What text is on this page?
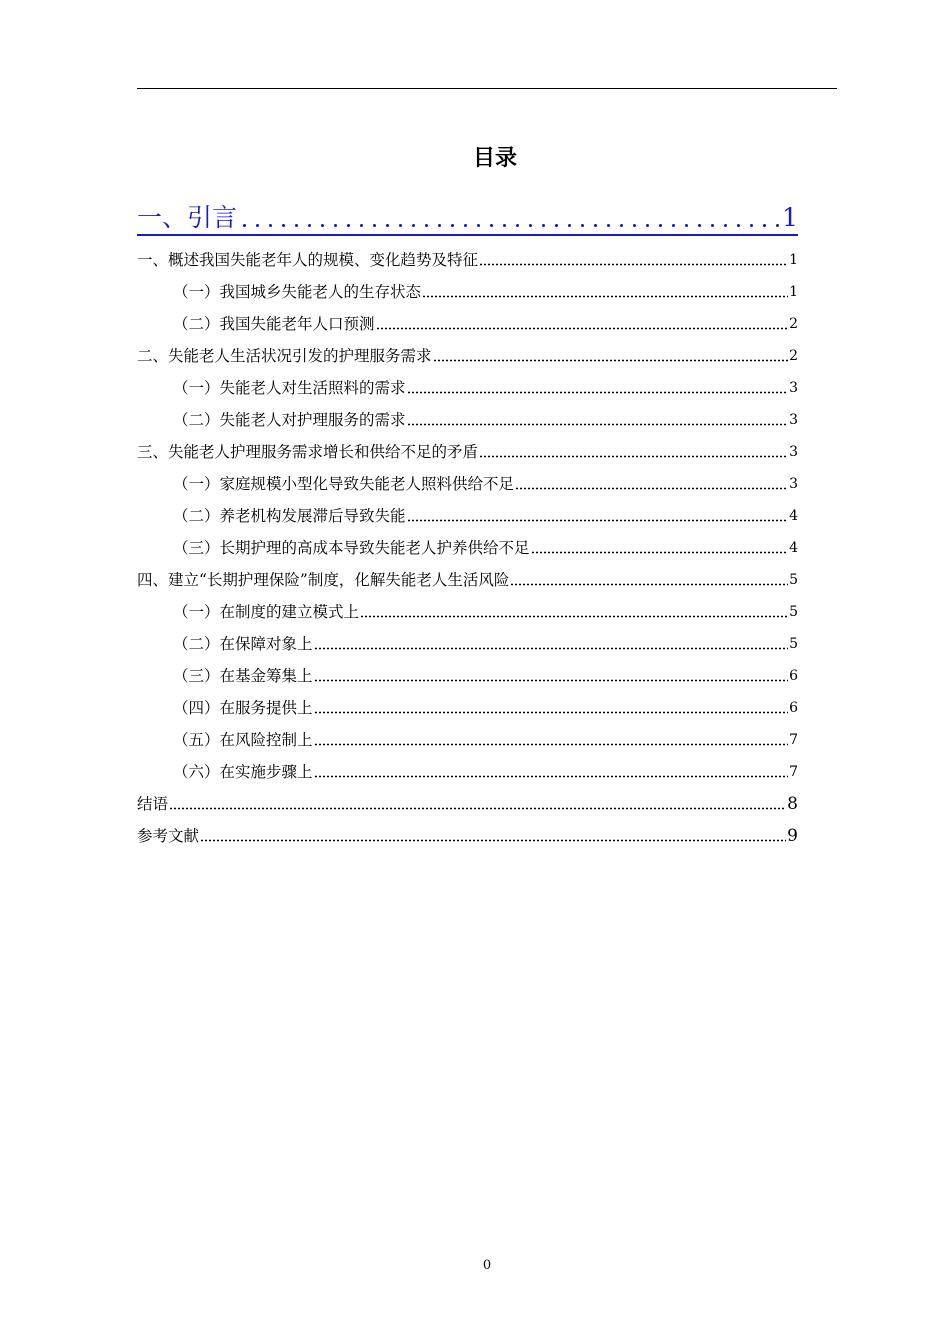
目录
一、引言	1
一、概述我国失能老年人的规模、变化趋势及特征	1
（一）我国城乡失能老人的生存状态	1
（二）我国失能老年人口预测	2
二、失能老人生活状况引发的护理服务需求	2
（一）失能老人对生活照料的需求	3
（二）失能老人对护理服务的需求	3
三、失能老人护理服务需求增长和供给不足的矛盾	3
（一）家庭规模小型化导致失能老人照料供给不足	3
（二）养老机构发展滞后导致失能	4
（三）长期护理的高成本导致失能老人护养供给不足	4
四、建立“长期护理保险”制度，化解失能老人生活风险	5
（一）在制度的建立模式上	5
（二）在保障对象上	5
（三）在基金筹集上	6
（四）在服务提供上	6
（五）在风险控制上	7
（六）在实施步骤上	7
结语	8
参考文献	9
0
